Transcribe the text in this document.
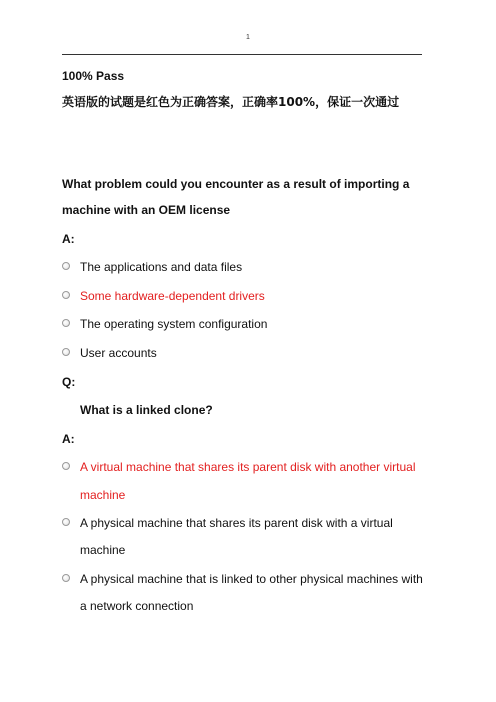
1
100% Pass
英语版的试题是红色为正确答案，正确率100%，保证一次通过
What problem could you encounter as a result of importing a
machine with an OEM license
A:
The applications and data files
Some hardware-dependent drivers
The operating system configuration
User accounts
Q:
What is a linked clone?
A:
A virtual machine that shares its parent disk with another virtual
machine
A physical machine that shares its parent disk with a virtual
machine
A physical machine that is linked to other physical machines with
a network connection
